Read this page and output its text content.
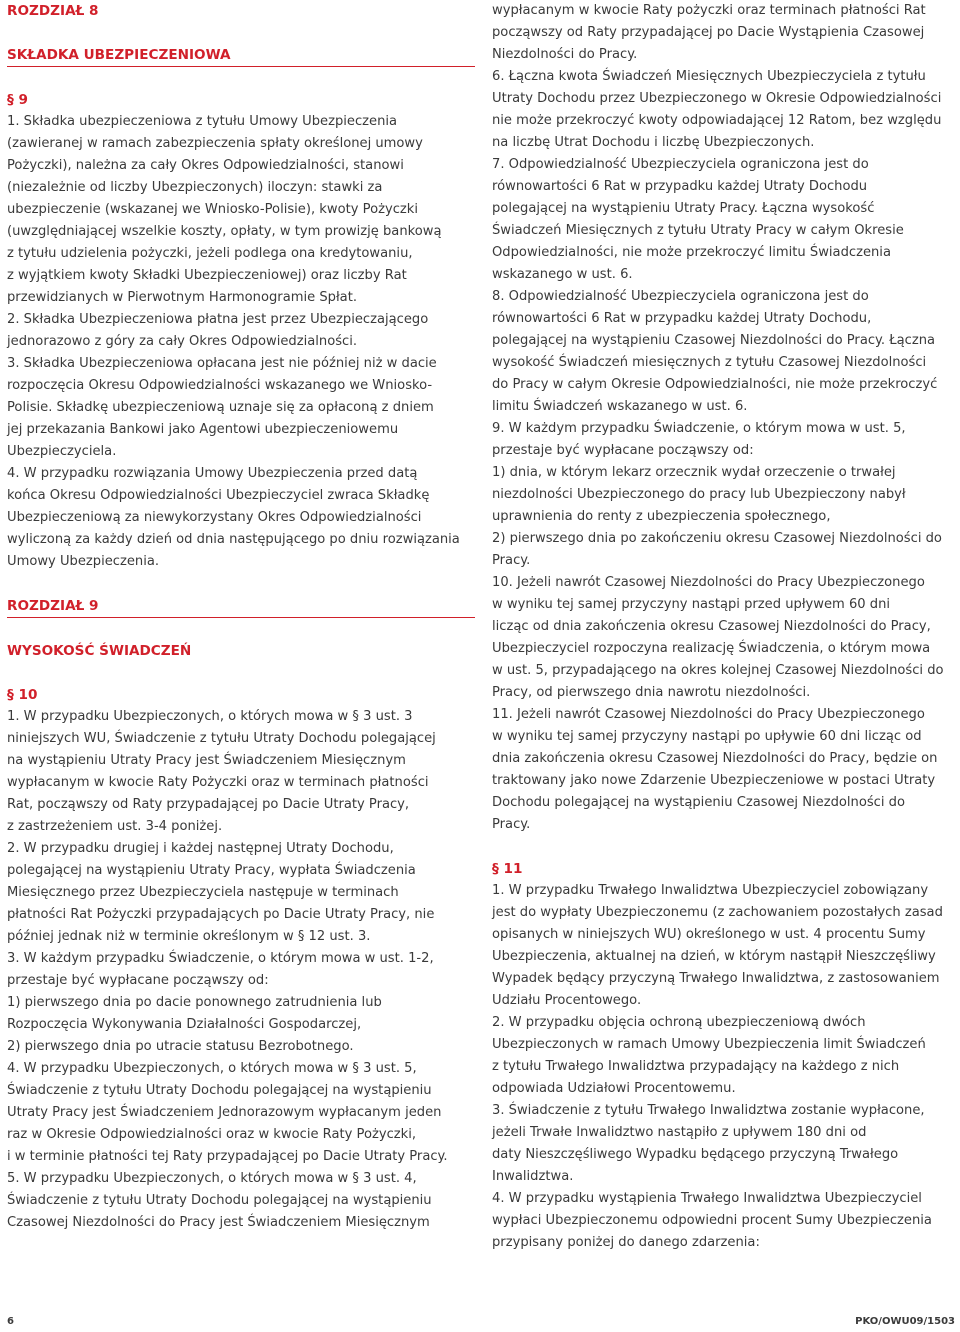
ROZDZIAŁ 8
SKŁADKA UBEZPIECZENIOWA
§ 9

1. Składka ubezpieczeniowa z tytułu Umowy Ubezpieczenia
(zawieranej w ramach zabezpieczenia spłaty określonej umowy
Pożyczki), należna za cały Okres Odpowiedzialności, stanowi
(niezależnie od liczby Ubezpieczonych) iloczyn: stawki za
ubezpieczenie (wskazanej we Wniosko-Polisie), kwoty Pożyczki
(uwzględniającej wszelkie koszty, opłaty, w tym prowizję bankową
z tytułu udzielenia pożyczki, jeżeli podlega ona kredytowaniu,
z wyjątkiem kwoty Składki Ubezpieczeniowej) oraz liczby Rat
przewidzianych w Pierwotnym Harmonogramie Spłat.
2. Składka Ubezpieczeniowa płatna jest przez Ubezpieczającego
jednorazowo z góry za cały Okres Odpowiedzialności.
3. Składka Ubezpieczeniowa opłacana jest nie później niż w dacie
rozpoczęcia Okresu Odpowiedzialności wskazanego we Wniosko-
Polisie. Składkę ubezpieczeniową uznaje się za opłaconą z dniem
jej przekazania Bankowi jako Agentowi ubezpieczeniowemu
Ubezpieczyciela.
4. W przypadku rozwiązania Umowy Ubezpieczenia przed datą
końca Okresu Odpowiedzialności Ubezpieczyciel zwraca Składkę
Ubezpieczeniową za niewykorzystany Okres Odpowiedzialności
wyliczoną za każdy dzień od dnia następującego po dniu rozwiązania
Umowy Ubezpieczenia.

ROZDZIAŁ 9
WYSOKOŚĆ ŚWIADCZEŃ
§ 10

1. W przypadku Ubezpieczonych, o których mowa w § 3 ust. 3
niniejszych WU, Świadczenie z tytułu Utraty Dochodu polegającej
na wystąpieniu Utraty Pracy jest Świadczeniem Miesięcznym
wypłacanym w kwocie Raty Pożyczki oraz w terminach płatności
Rat, począwszy od Raty przypadającej po Dacie Utraty Pracy,
z zastrzeżeniem ust. 3-4 poniżej.
2. W przypadku drugiej i każdej następnej Utraty Dochodu,
polegającej na wystąpieniu Utraty Pracy, wypłata Świadczenia
Miesięcznego przez Ubezpieczyciela następuje w terminach
płatności Rat Pożyczki przypadających po Dacie Utraty Pracy, nie
później jednak niż w terminie określonym w § 12 ust. 3.
3. W każdym przypadku Świadczenie, o którym mowa w ust. 1-2,
przestaje być wypłacane począwszy od:
1) pierwszego dnia po dacie ponownego zatrudnienia lub
Rozpoczęcia Wykonywania Działalności Gospodarczej,
2) pierwszego dnia po utracie statusu Bezrobotnego.
4. W przypadku Ubezpieczonych, o których mowa w § 3 ust. 5,
Świadczenie z tytułu Utraty Dochodu polegającej na wystąpieniu
Utraty Pracy jest Świadczeniem Jednorazowym wypłacanym jeden
raz w Okresie Odpowiedzialności oraz w kwocie Raty Pożyczki,
i w terminie płatności tej Raty przypadającej po Dacie Utraty Pracy.
5. W przypadku Ubezpieczonych, o których mowa w § 3 ust. 4,
Świadczenie z tytułu Utraty Dochodu polegającej na wystąpieniu
Czasowej Niezdolności do Pracy jest Świadczeniem Miesięcznym

wypłacanym w kwocie Raty pożyczki oraz terminach płatności Rat
począwszy od Raty przypadającej po Dacie Wystąpienia Czasowej
Niezdolności do Pracy.
6. Łączna kwota Świadczeń Miesięcznych Ubezpieczyciela z tytułu
Utraty Dochodu przez Ubezpieczonego w Okresie Odpowiedzialności
nie może przekroczyć kwoty odpowiadającej 12 Ratom, bez względu
na liczbę Utrat Dochodu i liczbę Ubezpieczonych.
7. Odpowiedzialność Ubezpieczyciela ograniczona jest do
równowartości 6 Rat w przypadku każdej Utraty Dochodu
polegającej na wystąpieniu Utraty Pracy. Łączna wysokość
Świadczeń Miesięcznych z tytułu Utraty Pracy w całym Okresie
Odpowiedzialności, nie może przekroczyć limitu Świadczenia
wskazanego w ust. 6.
8. Odpowiedzialność Ubezpieczyciela ograniczona jest do
równowartości 6 Rat w przypadku każdej Utraty Dochodu,
polegającej na wystąpieniu Czasowej Niezdolności do Pracy. Łączna
wysokość Świadczeń miesięcznych z tytułu Czasowej Niezdolności
do Pracy w całym Okresie Odpowiedzialności, nie może przekroczyć
limitu Świadczeń wskazanego w ust. 6.
9. W każdym przypadku Świadczenie, o którym mowa w ust. 5,
przestaje być wypłacane począwszy od:
1) dnia, w którym lekarz orzecznik wydał orzeczenie o trwałej
niezdolności Ubezpieczonego do pracy lub Ubezpieczony nabył
uprawnienia do renty z ubezpieczenia społecznego,
2) pierwszego dnia po zakończeniu okresu Czasowej Niezdolności do
Pracy.
10. Jeżeli nawrót Czasowej Niezdolności do Pracy Ubezpieczonego
w wyniku tej samej przyczyny nastąpi przed upływem 60 dni
licząc od dnia zakończenia okresu Czasowej Niezdolności do Pracy,
Ubezpieczyciel rozpoczyna realizację Świadczenia, o którym mowa
w ust. 5, przypadającego na okres kolejnej Czasowej Niezdolności do
Pracy, od pierwszego dnia nawrotu niezdolności.
11. Jeżeli nawrót Czasowej Niezdolności do Pracy Ubezpieczonego
w wyniku tej samej przyczyny nastąpi po upływie 60 dni licząc od
dnia zakończenia okresu Czasowej Niezdolności do Pracy, będzie on
traktowany jako nowe Zdarzenie Ubezpieczeniowe w postaci Utraty
Dochodu polegającej na wystąpieniu Czasowej Niezdolności do
Pracy.

§ 11

1. W przypadku Trwałego Inwalidztwa Ubezpieczyciel zobowiązany
jest do wypłaty Ubezpieczonemu (z zachowaniem pozostałych zasad
opisanych w niniejszych WU) określonego w ust. 4 procentu Sumy
Ubezpieczenia, aktualnej na dzień, w którym nastąpił Nieszczęśliwy
Wypadek będący przyczyną Trwałego Inwalidztwa, z zastosowaniem
Udziału Procentowego.
2. W przypadku objęcia ochroną ubezpieczeniową dwóch
Ubezpieczonych w ramach Umowy Ubezpieczenia limit Świadczeń
z tytułu Trwałego Inwalidztwa przypadający na każdego z nich
odpowiada Udziałowi Procentowemu.
3. Świadczenie z tytułu Trwałego Inwalidztwa zostanie wypłacone,
jeżeli Trwałe Inwalidztwo nastąpiło z upływem 180 dni od
daty Nieszczęśliwego Wypadku będącego przyczyną Trwałego
Inwalidztwa.
4. W przypadku wystąpienia Trwałego Inwalidztwa Ubezpieczyciel
wypłaci Ubezpieczonemu odpowiedni procent Sumy Ubezpieczenia
przypisany poniżej do danego zdarzenia:

6	PKO/OWU09/1503
